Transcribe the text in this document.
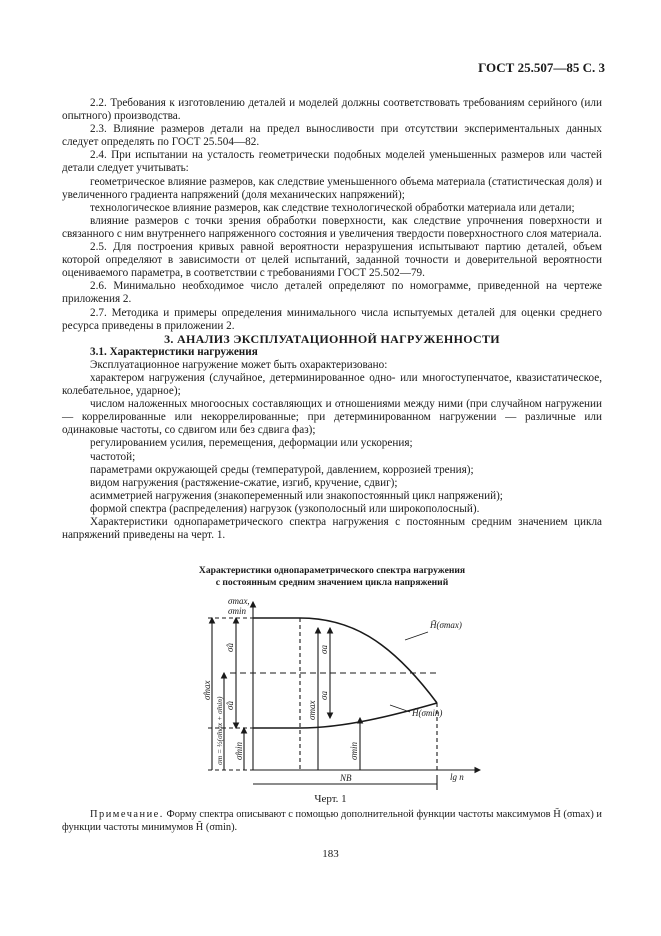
ГОСТ 25.507—85 С. 3

2.2. Требования к изготовлению деталей и моделей должны соответствовать требованиям серийного (или опытного) производства.

2.3. Влияние размеров детали на предел выносливости при отсутствии экспериментальных данных следует определять по ГОСТ 25.504—82.

2.4. При испытании на усталость геометрически подобных моделей уменьшенных размеров или частей детали следует учитывать:

геометрическое влияние размеров, как следствие уменьшенного объема материала (статистическая доля) и увеличенного градиента напряжений (доля механических напряжений);

технологическое влияние размеров, как следствие технологической обработки материала или детали;

влияние размеров с точки зрения обработки поверхности, как следствие упрочнения поверхности и связанного с ним внутреннего напряженного состояния и увеличения твердости поверхностного слоя материала.

2.5. Для построения кривых равной вероятности неразрушения испытывают партию деталей, объем которой определяют в зависимости от целей испытаний, заданной точности и доверительной вероятности оцениваемого параметра, в соответствии с требованиями ГОСТ 25.502—79.

2.6. Минимально необходимое число деталей определяют по номограмме, приведенной на чертеже приложения 2.

2.7. Методика и примеры определения минимального числа испытуемых деталей для оценки среднего ресурса приведены в приложении 2.

3. АНАЛИЗ ЭКСПЛУАТАЦИОННОЙ НАГРУЖЕННОСТИ

3.1. Характеристики нагружения

Эксплуатационное нагружение может быть охарактеризовано:

характером нагружения (случайное, детерминированное одно- или многоступенчатое, квазистатическое, колебательное, ударное);

числом наложенных многоосных составляющих и отношениями между ними (при случайном нагружении — коррелированные или некоррелированные; при детерминированном нагружении — различные или одинаковые частоты, со сдвигом или без сдвига фаз);

регулированием усилия, перемещения, деформации или ускорения;

частотой;

параметрами окружающей среды (температурой, давлением, коррозией трения);

видом нагружения (растяжение-сжатие, изгиб, кручение, сдвиг);

асимметрией нагружения (знакопеременный или знакопостоянный цикл напряжений);

формой спектра (распределения) нагрузок (узкополосный или широкополосный).

Характеристики однопараметрического спектра нагружения с постоянным средним значением цикла напряжений приведены на черт. 1.

Характеристики однопараметрического спектра нагружения
с постоянным средним значением цикла напряжений
σmax,
σmin
H̃(σmax)
H̃(σmin)
lg n
NB
σ̂max
σ̂a
σ̂a
σm = ½(σ̂max + σ̂min) σ̂min
σa
σa
σmax
σmin
Черт. 1
Примечание. Форму спектра описывают с помощью дополнительной функции частоты максимумов H̃ (σmax) и функции частоты минимумов H̃ (σmin).
183
